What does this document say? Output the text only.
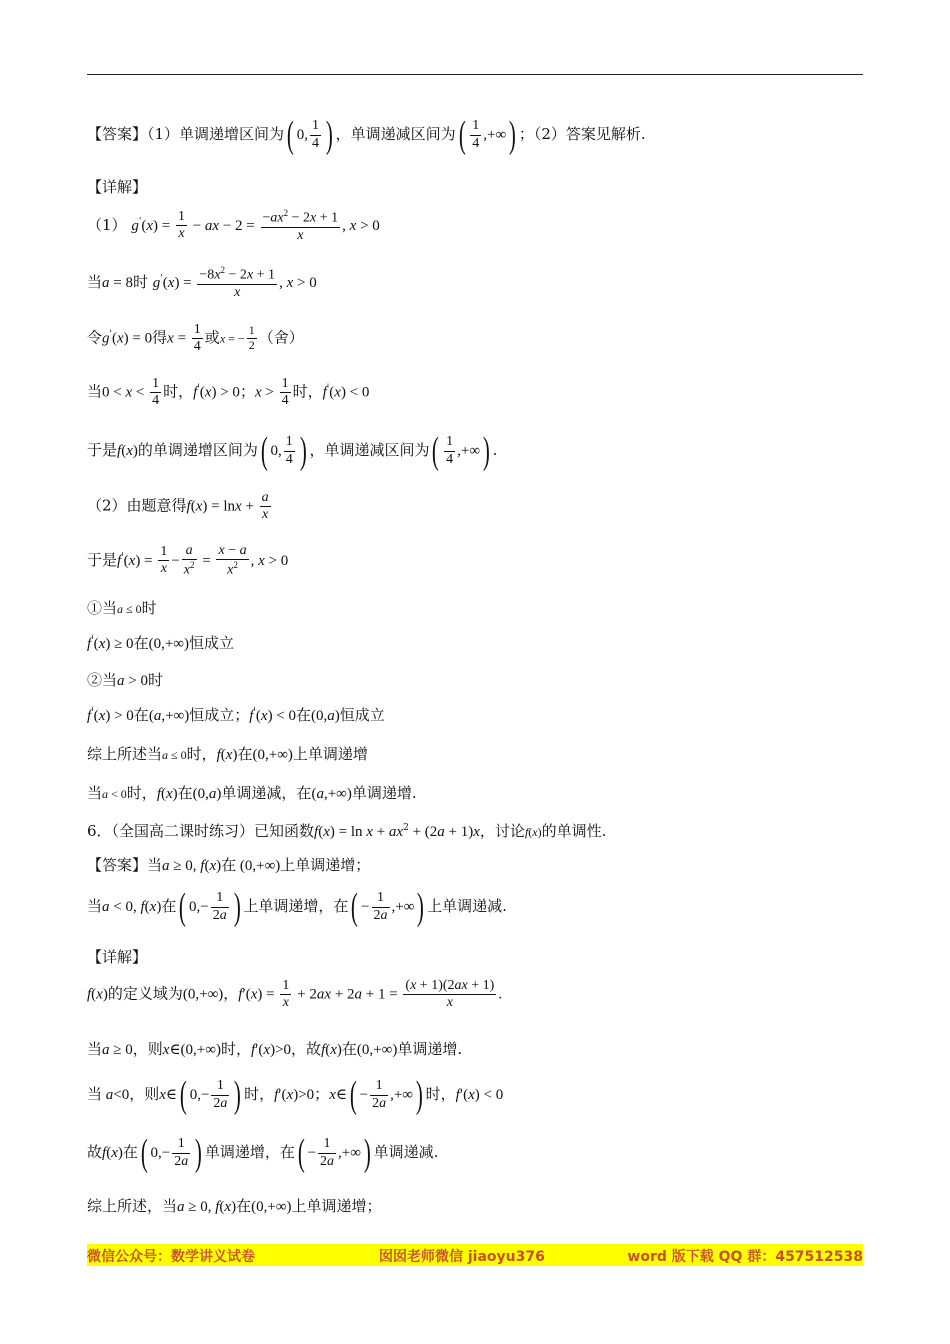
【答案】（1）单调递增区间为( 0, $\frac{1}{4}$ ) ，单调递减区间为( $\frac{1}{4}$ ,+∞) ；（2）答案见解析.
【详解】
（1） $g'(x) = \frac{1}{x}$ − ax − $2 = \frac{-ax^2 - 2x + 1}{x}$ , x > 0
当a = 8时 $g'(x) = \frac{-8x^2 - 2x + 1}{x}$ , x > 0
令g'(x) = 0得$x = \frac{1}{4}$ 或x = − $\frac{1}{2}$ （舍）
当$0 < x < \frac{1}{4}$ 时，f'(x) > 0；$x > \frac{1}{4}$ 时，f'(x) < 0
于是f(x)的单调递增区间为( 0, $\frac{1}{4}$ ) ，单调递减区间为( $\frac{1}{4}$ ,+∞) .
（2）由题意得$f(x) = \ln x + \frac{a}{x}$
于是$f'(x) = \frac{1}{x} - \frac{a}{x^2} = \frac{x - a}{x^2}$ , x > 0
①当a ≤ 0时
f'(x) ≥ 0在(0,+∞)恒成立
②当a > 0时
f'(x) > 0在(a,+∞)恒成立；f'(x) < 0在(0,a)恒成立
综上所述当a ≤ 0时，f(x)在(0,+∞)上单调递增
当a < 0时，f(x)在(0,a)单调递减，在(a,+∞)单调递增.
6．（全国高二课时练习）已知函数$f(x) = \ln x + ax^2 + (2a + 1)x$，讨论f(x)的单调性.
【答案】当a ≥ 0, f(x)在 (0,+∞)上单调递增；
当a < 0, f(x)在( $0,- \frac{1}{2a}$ ) 上单调递增，在( − $\frac{1}{2a}$ ,+∞) 上单调递减.
【详解】
f(x)的定义域为(0,+∞)，$f'(x) = \frac{1}{x} + 2ax + 2a + 1 = \frac{(x + 1)(2ax + 1)}{x}$ .
当a ≥ 0，则x∈(0,+∞)时，f′(x)>0，故f(x)在(0,+∞)单调递增.
当 a<0，则x∈( $0,- \frac{1}{2a}$ ) 时，f′(x)>0；x∈( − $\frac{1}{2a}$ ,+∞) 时，f′(x) < 0
故f(x)在( $0,- \frac{1}{2a}$ ) 单调递增，在( − $\frac{1}{2a}$ ,+∞) 单调递减.
综上所述，当a ≥ 0, f(x)在(0,+∞)上单调递增；
微信公众号：数学讲义试卷	囡囡老师微信 jiaoyu376	word 版下载 QQ 群：457512538
